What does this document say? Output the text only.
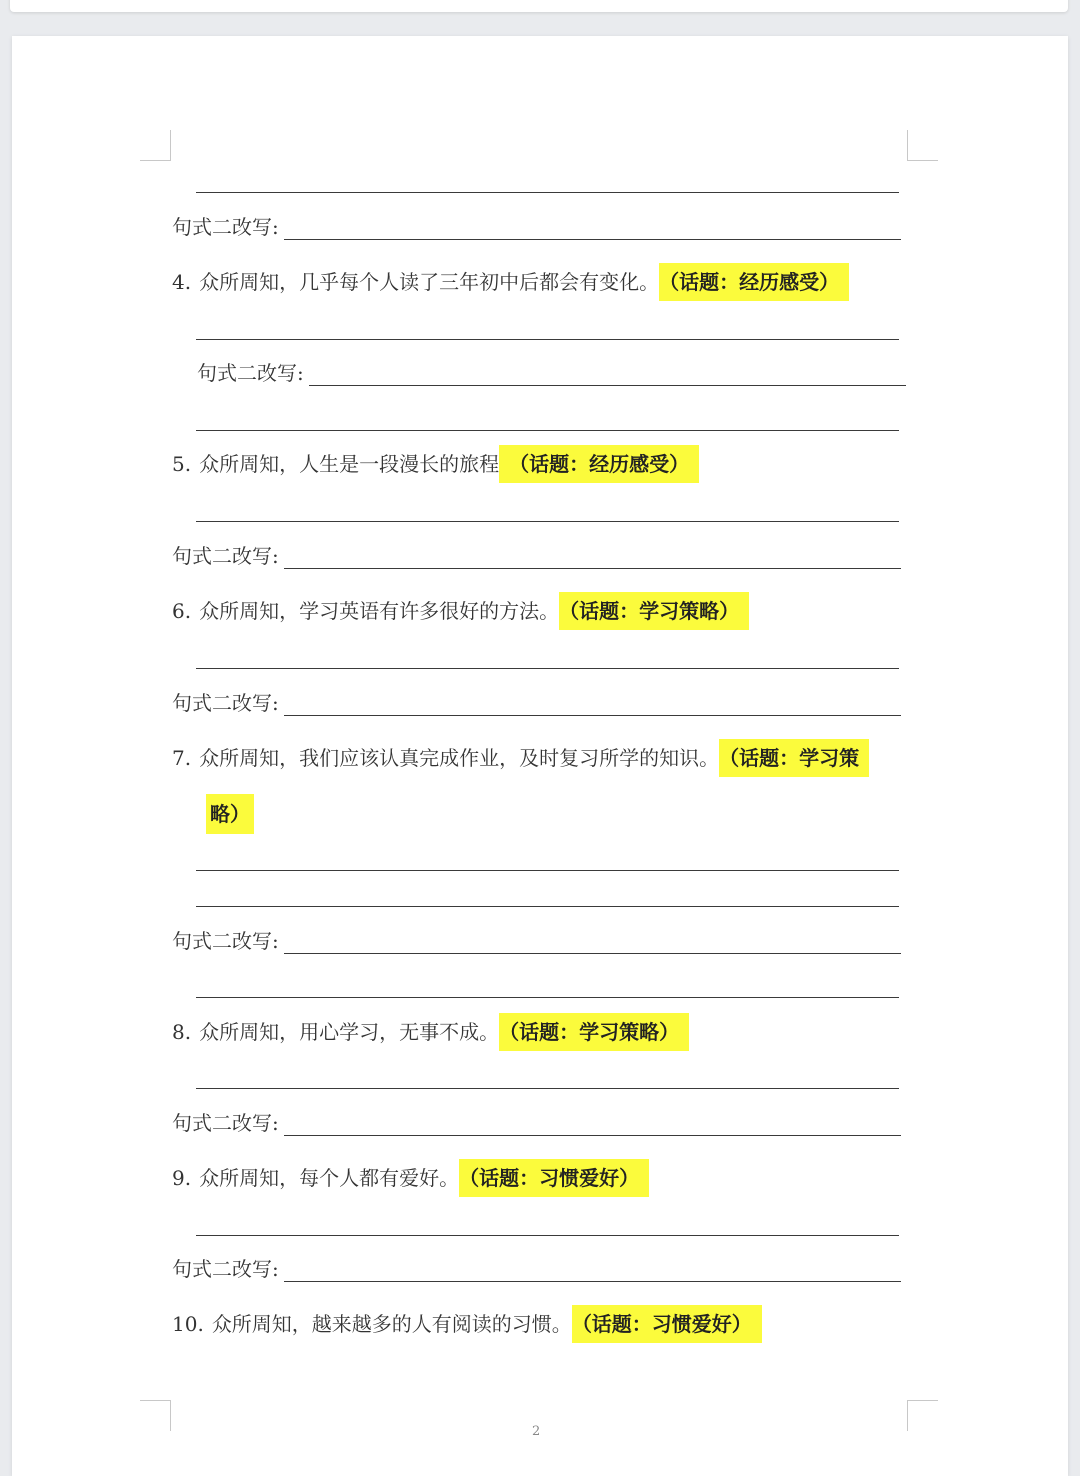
句式二改写:
4. 众所周知，几乎每个人读了三年初中后都会有变化。 （话题：经历感受）
句式二改写:
5. 众所周知，人生是一段漫长的旅程 （话题：经历感受）
句式二改写:
6. 众所周知，学习英语有许多很好的方法。 （话题：学习策略）
句式二改写:
7. 众所周知，我们应该认真完成作业，及时复习所学的知识。 （话题：学习策
略）
句式二改写:
8. 众所周知，用心学习，无事不成。 （话题：学习策略）
句式二改写:
9. 众所周知，每个人都有爱好。 （话题：习惯爱好）
句式二改写:
10. 众所周知，越来越多的人有阅读的习惯。 （话题：习惯爱好）
2
